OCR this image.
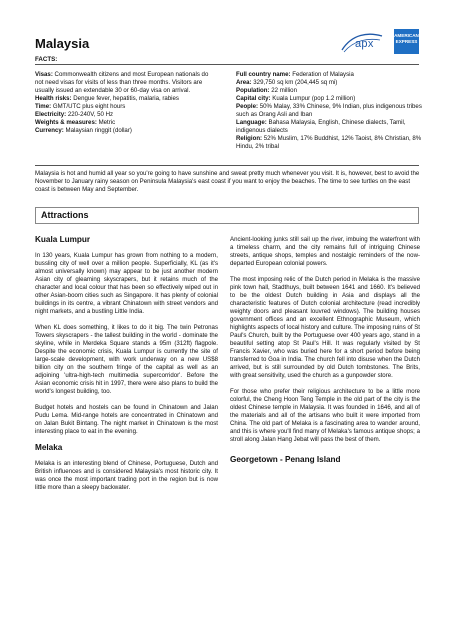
Malaysia
FACTS:
apx
AMERICAN EXPRESS

Visas: Commonwealth citizens and most European nationals do not need visas for visits of less than three months. Visitors are usually issued an extendable 30 or 60-day visa on arrival.

Health risks: Dengue fever, hepatitis, malaria, rabies

Time: GMT/UTC plus eight hours

Electricity: 220-240V, 50 Hz

Weights & measures: Metric

Currency: Malaysian ringgit (dollar)

Full country name: Federation of Malaysia

Area: 329,750 sq km (204,445 sq mi)

Population: 22 million

Capital city: Kuala Lumpur (pop 1.2 million)

People: 50% Malay, 33% Chinese, 9% Indian, plus indigenous tribes such as Orang Asli and Iban

Language: Bahasa Malaysia, English, Chinese dialects, Tamil, indigenous dialects

Religion: 52% Muslim, 17% Buddhist, 12% Taoist, 8% Christian, 8% Hindu, 2% tribal

Malaysia is hot and humid all year so you're going to have sunshine and sweat pretty much whenever you visit. It is, however, best to avoid the November to January rainy season on Peninsula Malaysia's east coast if you want to enjoy the beaches. The time to see turtles on the east coast is between May and September.

Attractions
Kuala Lumpur

In 130 years, Kuala Lumpur has grown from nothing to a modern, bussling city of well over a million people. Superficially, KL (as it's almost universally known) may appear to be just another modern Asian city of gleaming skyscrapers, but it retains much of the character and local colour that has been so effectively wiped out in other Asian-boom cities such as Singapore. It has plenty of colonial buildings in its centre, a vibrant Chinatown with street vendors and night markets, and a bustling Little India.

When KL does something, it likes to do it big. The twin Petronas Towers skyscrapers - the tallest building in the world - dominate the skyline, while in Merdeka Square stands a 95m (312ft) flagpole. Despite the economic crisis, Kuala Lumpur is currently the site of large-scale development, with work underway on a new US$8 billion city on the southern fringe of the capital as well as an adjoining 'ultra-high-tech multimedia supercorridor'. Before the Asian economic crisis hit in 1997, there were also plans to build the world's longest building, too.

Budget hotels and hostels can be found in Chinatown and Jalan Pudu Lema. Mid-range hotels are concentrated in Chinatown and on Jalan Bukit Bintang. The night market in Chinatown is the most interesting place to eat in the evening.

Melaka

Melaka is an interesting blend of Chinese, Portuguese, Dutch and British influences and is considered Malaysia's most historic city. It was once the most important trading port in the region but is now little more than a sleepy backwater.

Ancient-looking junks still sail up the river, imbuing the waterfront with a timeless charm, and the city remains full of intriguing Chinese streets, antique shops, temples and nostalgic reminders of the now-departed European colonial powers.

The most imposing relic of the Dutch period in Melaka is the massive pink town hall, Stadthuys, built between 1641 and 1660. It's believed to be the oldest Dutch building in Asia and displays all the characteristic features of Dutch colonial architecture (read incredibly weighty doors and pleasant louvred windows). The building houses government offices and an excellent Ethnographic Museum, which highlights aspects of local history and culture. The imposing ruins of St Paul's Church, built by the Portuguese over 400 years ago, stand in a beautiful setting atop St Paul's Hill. It was regularly visited by St Francis Xavier, who was buried here for a short period before being transferred to Goa in India. The church fell into disuse when the Dutch arrived, but is still surrounded by old Dutch tombstones. The Brits, with great sensitivity, used the church as a gunpowder store.

For those who prefer their religious architecture to be a little more colorful, the Cheng Hoon Teng Temple in the old part of the city is the oldest Chinese temple in Malaysia. It was founded in 1646, and all of the materials and all of the artisans who built it were imported from China. The old part of Melaka is a fascinating area to wander around, and this is where you'll find many of Melaka's famous antique shops; a stroll along Jalan Hang Jebat will pass the best of them.

Georgetown - Penang Island
